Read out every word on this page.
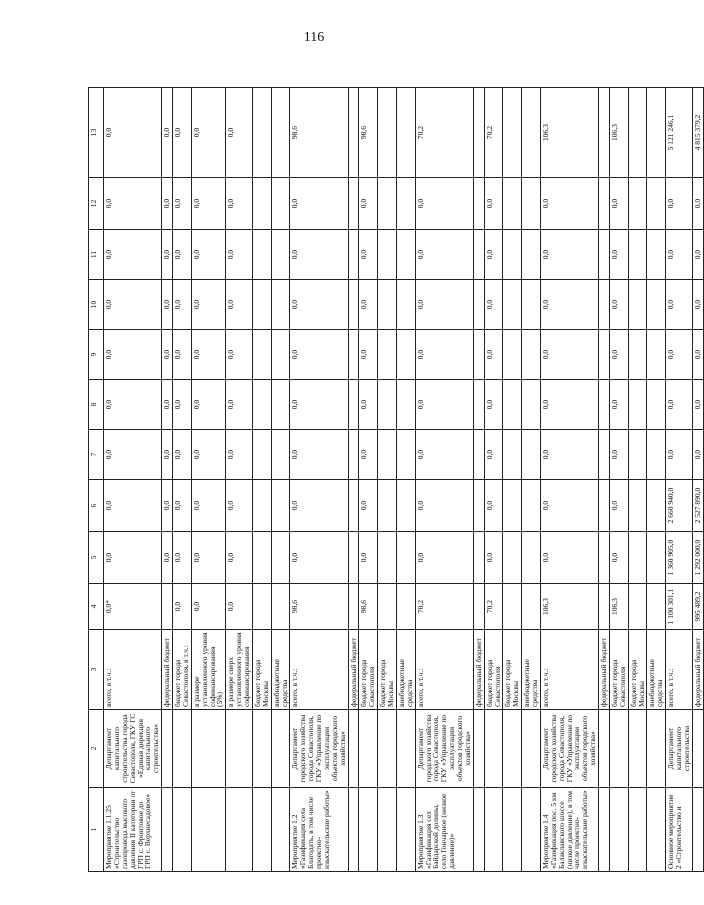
116
1	2	3	4	5	6	7	8	9	10	11	12	13
Мероприятие 1.1.25 «Строительство газопровода высокого давления II категории от ГРП с. Фронтовое до ГРП с. Верхнесадовое»	Департамент капитального строительства города Севастополя, ГКУ ГС «Единая дирекция капитального строительства»	всего, в т.ч.:	0,0*	0,0	0,0	0,0	0,0	0,0	0,0	0,0	0,0	0,0
		федеральный бюджет		0,0	0,0	0,0	0,0	0,0	0,0	0,0	0,0	0,0
		бюджет города Севастополя, в т.ч.:	0,0	0,0	0,0	0,0	0,0	0,0	0,0	0,0	0,0	0,0
		в размере установленного уровня софинансирования (5%)	0,0	0,0	0,0	0,0	0,0	0,0	0,0	0,0	0,0	0,0
		в размере сверх установленного уровня софинансирования	0,0	0,0	0,0	0,0	0,0	0,0	0,0	0,0	0,0	0,0
		бюджет города Москвы										
		внебюджетные средства										
Мероприятие 1.2 «Газификация села Благодать, в том числе проектно-изыскательские работы»	Департамент городского хозяйства города Севастополя, ГКУ «Управление по эксплуатации объектов городского хозяйства»	всего, в т.ч.:	98,6	0,0	0,0	0,0	0,0	0,0	0,0	0,0	0,0	98,6
		федеральный бюджет										
		бюджет города Севастополя	98,6	0,0	0,0	0,0	0,0	0,0	0,0	0,0	0,0	98,6
		бюджет города Москвы										
		внебюджетные средства										
Мероприятие 1.3 «Газификация сел Байдарской долины, село Гончарное (низкое давление)»	Департамент городского хозяйства города Севастополя, ГКУ «Управление по эксплуатации объектов городского хозяйства»	всего, в т.ч.:	70,2	0,0	0,0	0,0	0,0	0,0	0,0	0,0	0,0	70,2
		федеральный бюджет										
		бюджет города Севастополя	70,2	0,0	0,0	0,0	0,0	0,0	0,0	0,0	0,0	70,2
		бюджет города Москвы										
		внебюджетные средства										
Мероприятие 1.4 «Газификация пос. 5 км Балаклавского шоссе (низкое давление), в том числе проектно-изыскательские работы»	Департамент городского хозяйства города Севастополя, ГКУ «Управление по эксплуатации объектов городского хозяйства»	всего, в т.ч.:	106,3	0,0	0,0	0,0	0,0	0,0	0,0	0,0	0,0	106,3
		федеральный бюджет										
		бюджет города Севастополя	106,3	0,0	0,0	0,0	0,0	0,0	0,0	0,0	0,0	106,3
		бюджет города Москвы										
		внебюджетные средства										
Основное мероприятие 2 «Строительство и	Департамент капитального строительства	всего, в т.ч.:	1 100 301,1	1 360 905,0	2 660 940,0	0,0	0,0	0,0	0,0	0,0	0,0	5 121 246,1
		федеральный бюджет	995 489,2	1 292 000,0	2 527 890,0	0,0	0,0	0,0	0,0	0,0	0,0	4 815 379,2
